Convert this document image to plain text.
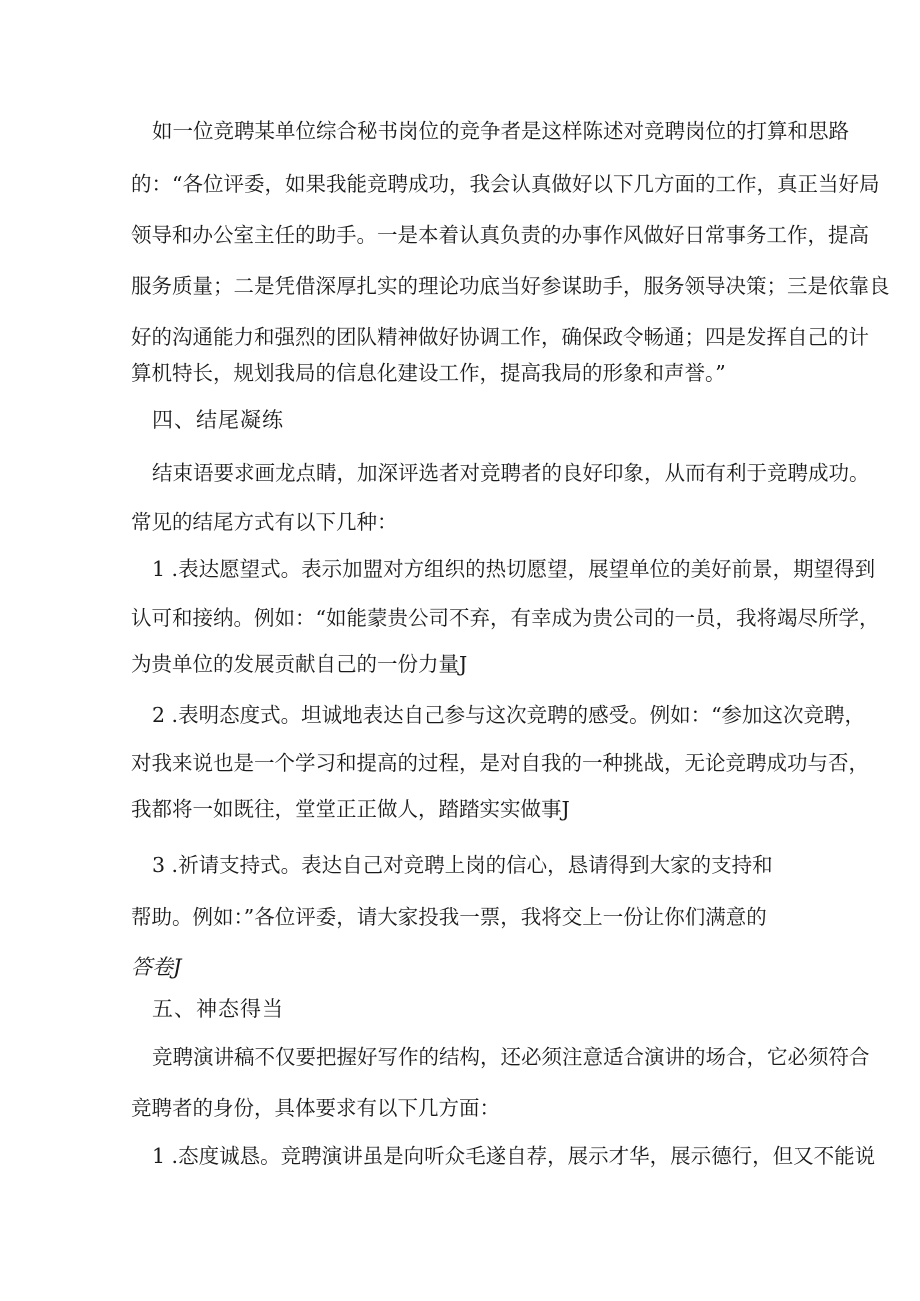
如一位竞聘某单位综合秘书岗位的竞争者是这样陈述对竞聘岗位的打算和思路
的：“各位评委，如果我能竞聘成功，我会认真做好以下几方面的工作，真正当好局
领导和办公室主任的助手。一是本着认真负责的办事作风做好日常事务工作，提高
服务质量；二是凭借深厚扎实的理论功底当好参谋助手，服务领导决策；三是依靠良
好的沟通能力和强烈的团队精神做好协调工作，确保政令畅通；四是发挥自己的计
算机特长，规划我局的信息化建设工作，提高我局的形象和声誉。”
四、结尾凝练
结束语要求画龙点睛，加深评选者对竞聘者的良好印象，从而有利于竞聘成功。
常见的结尾方式有以下几种：
1 .表达愿望式。表示加盟对方组织的热切愿望，展望单位的美好前景，期望得到
认可和接纳。例如：“如能蒙贵公司不弃，有幸成为贵公司的一员，我将竭尽所学，
为贵单位的发展贡献自己的一份力量J
2 .表明态度式。坦诚地表达自己参与这次竞聘的感受。例如：“参加这次竞聘，
对我来说也是一个学习和提高的过程，是对自我的一种挑战，无论竞聘成功与否，
我都将一如既往，堂堂正正做人，踏踏实实做事J
3 .祈请支持式。表达自己对竞聘上岗的信心，恳请得到大家的支持和
帮助。例如：”各位评委，请大家投我一票，我将交上一份让你们满意的
答卷J
五、神态得当
竞聘演讲稿不仅要把握好写作的结构，还必须注意适合演讲的场合，它必须符合
竞聘者的身份，具体要求有以下几方面：
1 .态度诚恳。竞聘演讲虽是向听众毛遂自荐，展示才华，展示德行，但又不能说
